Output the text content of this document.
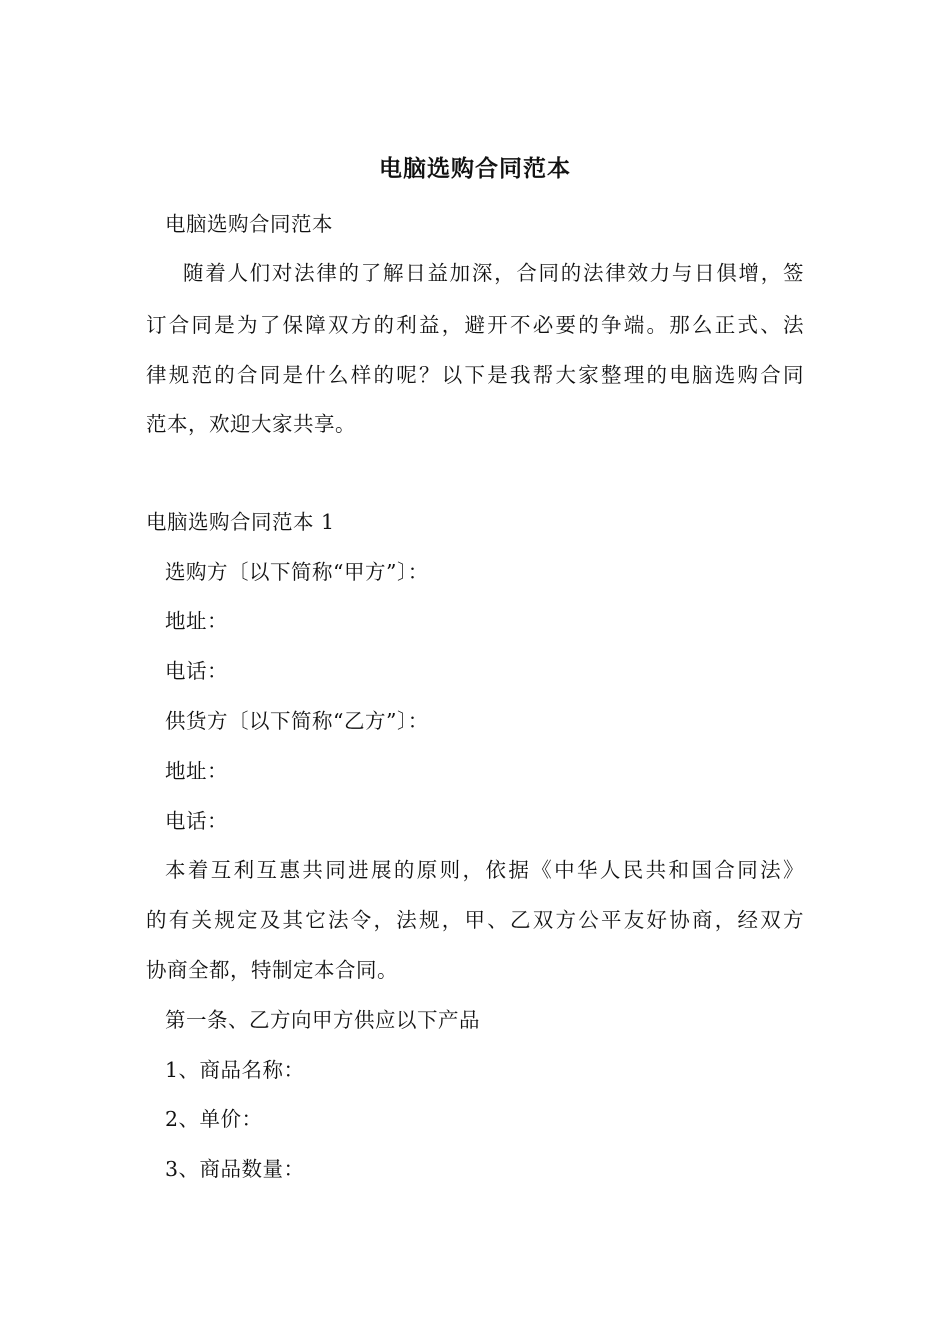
电脑选购合同范本
电脑选购合同范本
随着人们对法律的了解日益加深，合同的法律效力与日俱增，签
订合同是为了保障双方的利益，避开不必要的争端。那么正式、法
律规范的合同是什么样的呢？以下是我帮大家整理的电脑选购合同
范本，欢迎大家共享。
电脑选购合同范本 1
选购方〔以下简称“甲方”〕：
地址：
电话：
供货方〔以下简称“乙方”〕：
地址：
电话：
本着互利互惠共同进展的原则，依据《中华人民共和国合同法》
的有关规定及其它法令，法规，甲、乙双方公平友好协商，经双方
协商全都，特制定本合同。
第一条、乙方向甲方供应以下产品
1、商品名称：
2、单价：
3、商品数量：
